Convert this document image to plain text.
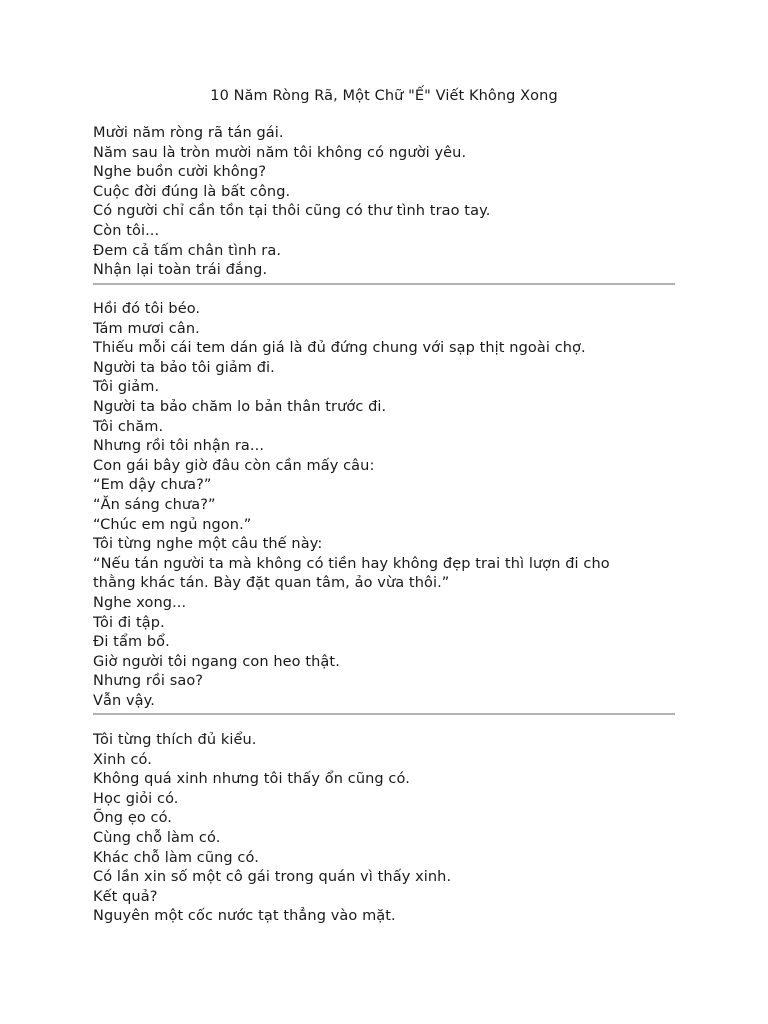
10 Năm Ròng Rã, Một Chữ "Ế" Viết Không Xong
Mười năm ròng rã tán gái.
Năm sau là tròn mười năm tôi không có người yêu.
Nghe buồn cười không?
Cuộc đời đúng là bất công.
Có người chỉ cần tồn tại thôi cũng có thư tình trao tay.
Còn tôi...
Đem cả tấm chân tình ra.
Nhận lại toàn trái đắng.
Hồi đó tôi béo.
Tám mươi cân.
Thiếu mỗi cái tem dán giá là đủ đứng chung với sạp thịt ngoài chợ.
Người ta bảo tôi giảm đi.
Tôi giảm.
Người ta bảo chăm lo bản thân trước đi.
Tôi chăm.
Nhưng rồi tôi nhận ra...
Con gái bây giờ đâu còn cần mấy câu:
“Em dậy chưa?”
“Ăn sáng chưa?”
“Chúc em ngủ ngon.”
Tôi từng nghe một câu thế này:
“Nếu tán người ta mà không có tiền hay không đẹp trai thì lượn đi cho thằng khác tán. Bày đặt quan tâm, ảo vừa thôi.”
Nghe xong...
Tôi đi tập.
Đi tẩm bổ.
Giờ người tôi ngang con heo thật.
Nhưng rồi sao?
Vẫn vậy.
Tôi từng thích đủ kiểu.
Xinh có.
Không quá xinh nhưng tôi thấy ổn cũng có.
Học giỏi có.
Õng ẹo có.
Cùng chỗ làm có.
Khác chỗ làm cũng có.
Có lần xin số một cô gái trong quán vì thấy xinh.
Kết quả?
Nguyên một cốc nước tạt thẳng vào mặt.
